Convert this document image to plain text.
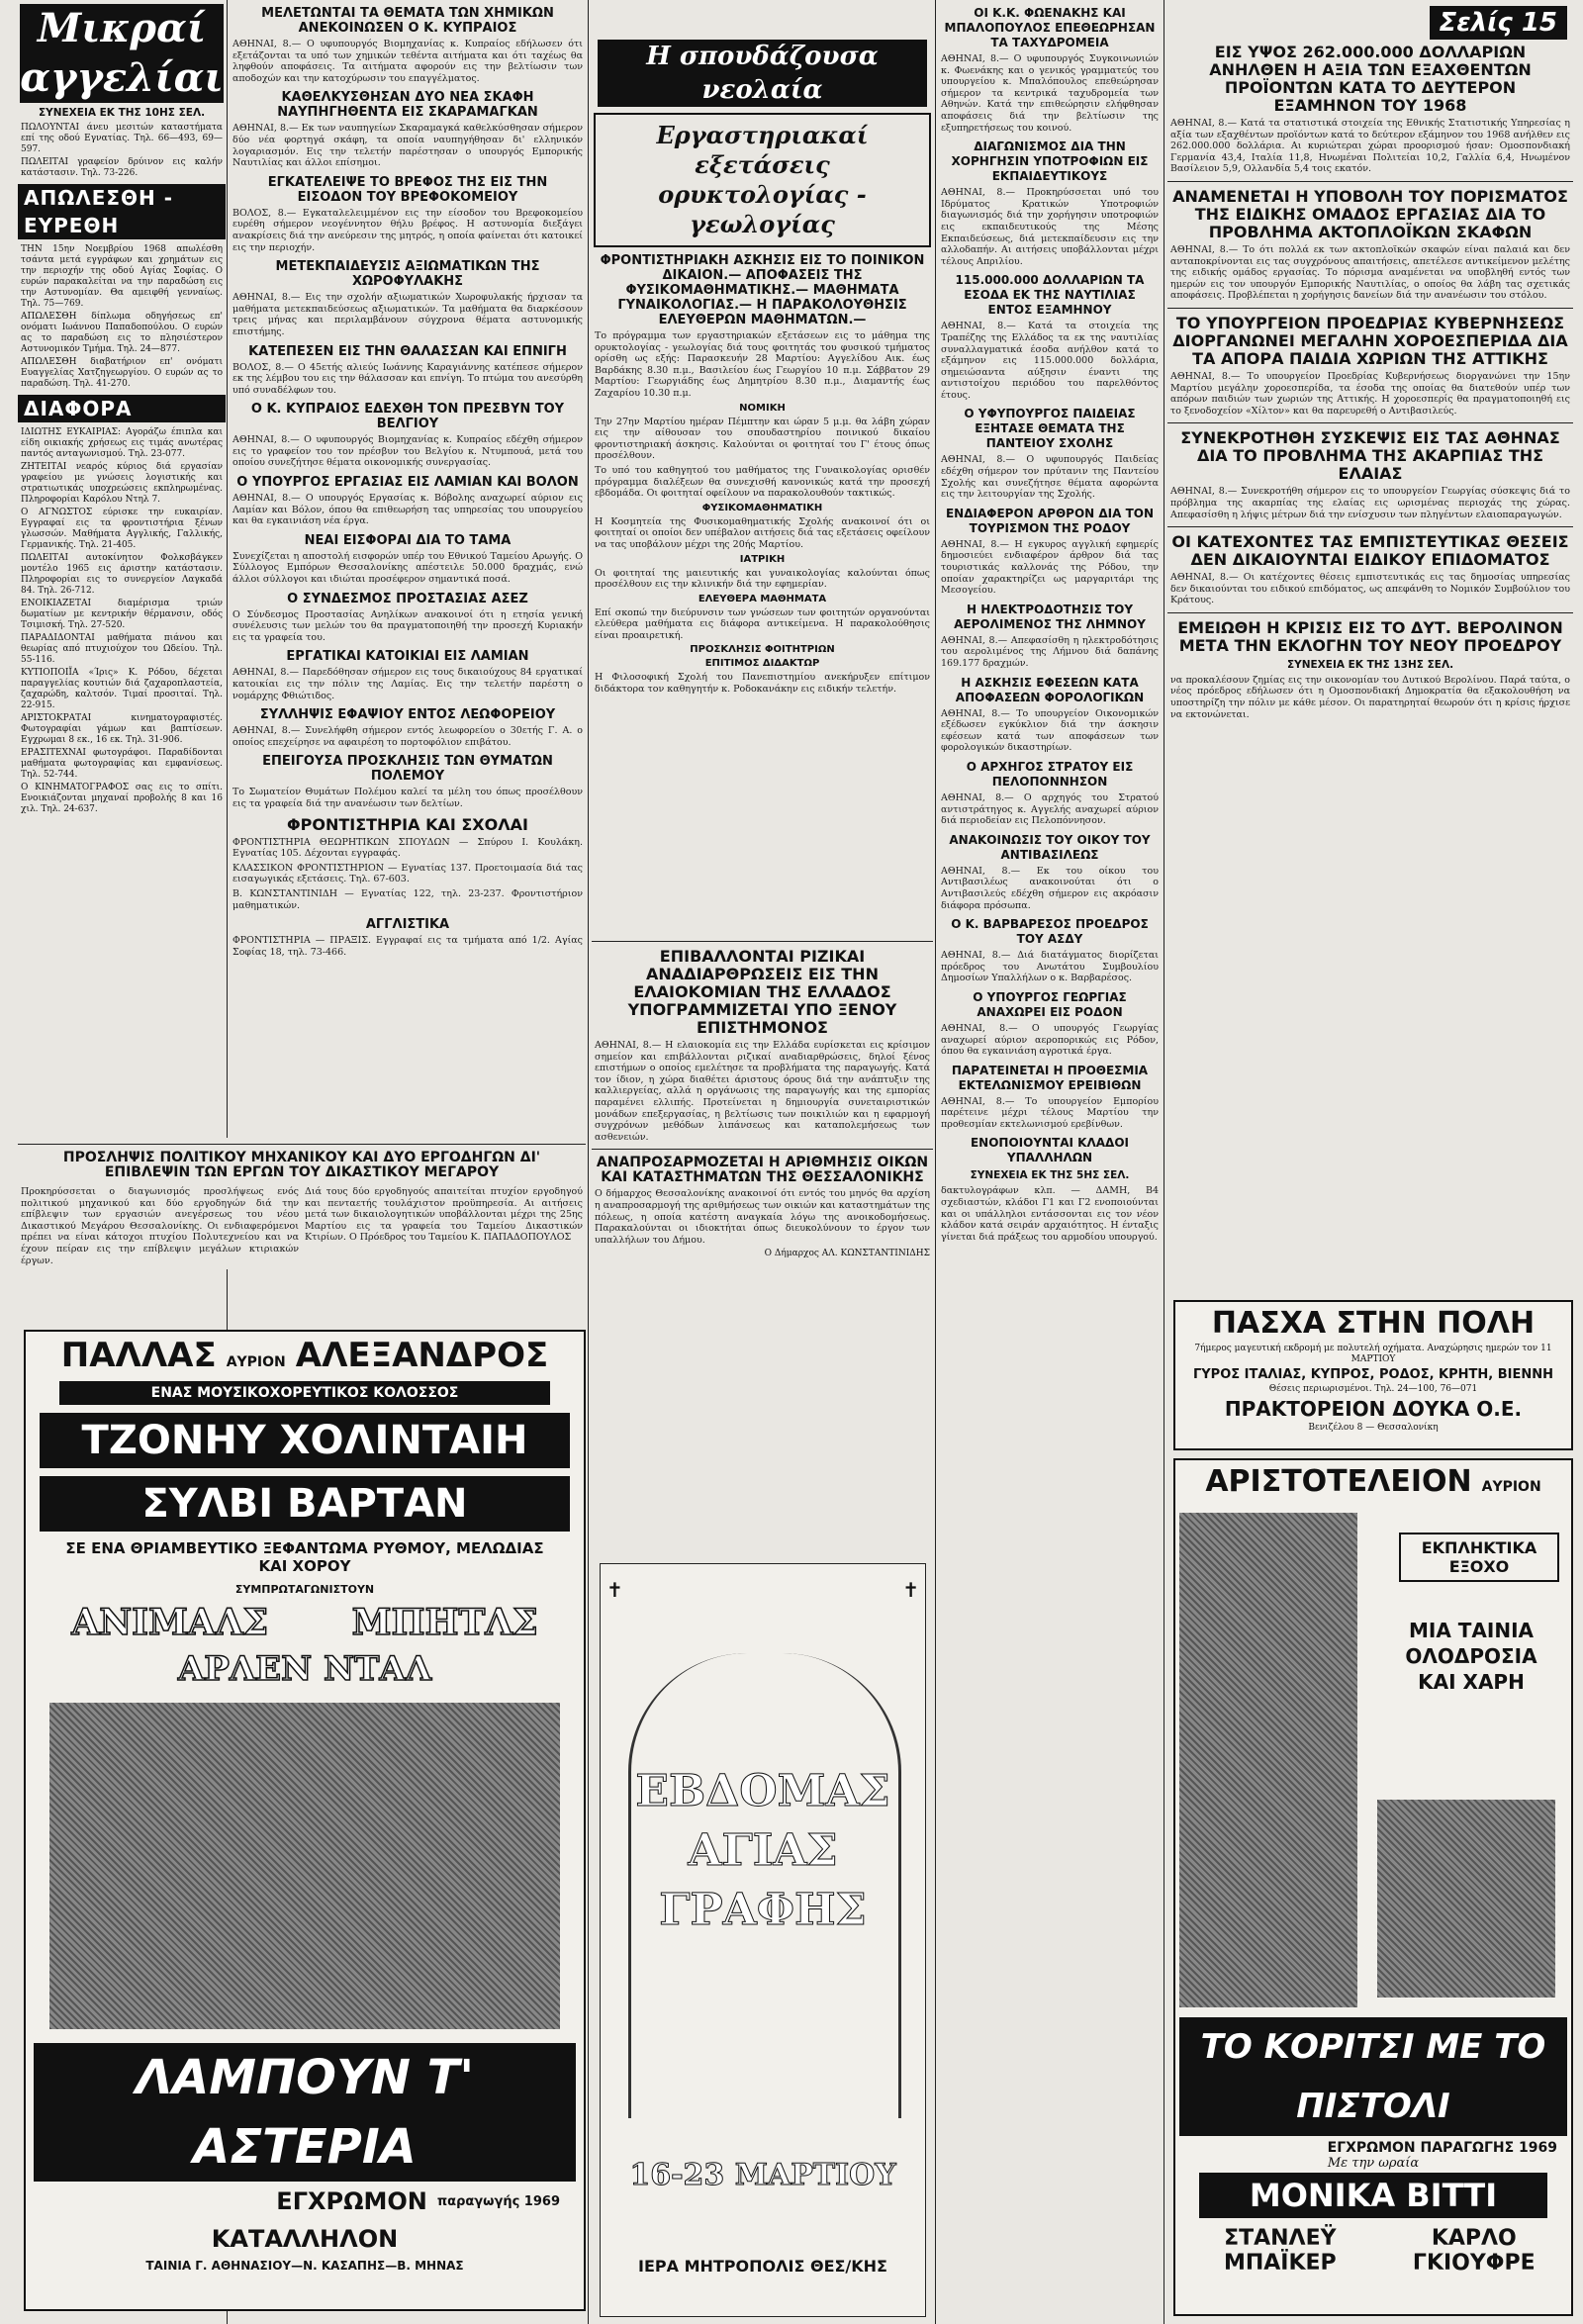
Μικραί αγγελίαι
ΣΥΝΕΧΕΙΑ ΕΚ ΤΗΣ 10ΗΣ ΣΕΛ.

ΠΩΛΟΥΝΤΑΙ άνευ μεσιτών καταστήματα επί της οδού Εγνατίας. Τηλ. 66—493, 69—597.

ΠΩΛΕΙΤΑΙ γραφείον δρύινον εις καλήν κατάστασιν. Τηλ. 73-226.

ΑΠΩΛΕΣΘΗ - ΕΥΡΕΘΗ

ΤΗΝ 15ην Νοεμβρίου 1968 απωλέσθη τσάντα μετά εγγράφων και χρημάτων εις την περιοχήν της οδού Αγίας Σοφίας. Ο ευρών παρακαλείται να την παραδώση εις την Αστυνομίαν. Θα αμειφθή γενναίως. Τηλ. 75—769.

ΑΠΩΛΕΣΘΗ δίπλωμα οδηγήσεως επ' ονόματι Ιωάννου Παπαδοπούλου. Ο ευρών ας το παραδώση εις το πλησιέστερον Αστυνομικόν Τμήμα. Τηλ. 24—877.

ΑΠΩΛΕΣΘΗ διαβατήριον επ' ονόματι Ευαγγελίας Χατζηγεωργίου. Ο ευρών ας το παραδώση. Τηλ. 41-270.

ΔΙΑΦΟΡΑ

ΙΔΙΩΤΗΣ ΕΥΚΑΙΡΙΑΣ: Αγοράζω έπιπλα και είδη οικιακής χρήσεως εις τιμάς ανωτέρας παντός ανταγωνισμού. Τηλ. 23-077.

ΖΗΤΕΙΤΑΙ νεαρός κύριος διά εργασίαν γραφείου με γνώσεις λογιστικής και στρατιωτικάς υποχρεώσεις εκπληρωμένας. Πληροφορίαι Καρόλου Ντηλ 7.

Ο ΑΓΝΩΣΤΟΣ εύρισκε την ευκαιρίαν. Εγγραφαί εις τα φροντιστήρια ξένων γλωσσών. Μαθήματα Αγγλικής, Γαλλικής, Γερμανικής. Τηλ. 21-405.

ΠΩΛΕΙΤΑΙ αυτοκίνητον Φολκσβάγκεν μοντέλο 1965 εις άριστην κατάστασιν. Πληροφορίαι εις το συνεργείον Λαγκαδά 84. Τηλ. 26-712.

ΕΝΟΙΚΙΑΖΕΤΑΙ διαμέρισμα τριών δωματίων με κεντρικήν θέρμανσιν, οδός Τσιμισκή. Τηλ. 27-520.

ΠΑΡΑΔΙΔΟΝΤΑΙ μαθήματα πιάνου και θεωρίας από πτυχιούχον του Ωδείου. Τηλ. 55-116.

ΚΥΤΙΟΠΟΙΪΑ «Ίρις» Κ. Ρόδου, δέχεται παραγγελίας κουτιών διά ζαχαροπλαστεία, ζαχαρώδη, καλτσόν. Τιμαί προσιταί. Τηλ. 22-915.

ΑΡΙΣΤΟΚΡΑΤΑΙ κινηματογραφιστές. Φωτογραφίαι γάμων και βαπτίσεων. Εγχρωμαι 8 εκ., 16 εκ. Τηλ. 31-906.

ΕΡΑΣΙΤΕΧΝΑΙ φωτογράφοι. Παραδίδονται μαθήματα φωτογραφίας και εμφανίσεως. Τηλ. 52-744.

Ο ΚΙΝΗΜΑΤΟΓΡΑΦΟΣ σας εις το σπίτι. Ενοικιάζονται μηχαναί προβολής 8 και 16 χιλ. Τηλ. 24-637.

ΜΕΛΕΤΩΝΤΑΙ ΤΑ ΘΕΜΑΤΑ ΤΩΝ ΧΗΜΙΚΩΝ ΑΝΕΚΟΙΝΩΣΕΝ Ο Κ. ΚΥΠΡΑΙΟΣ

ΑΘΗΝΑΙ, 8.— Ο υφυπουργός Βιομηχανίας κ. Κυπραίος εδήλωσεν ότι εξετάζονται τα υπό των χημικών τεθέντα αιτήματα και ότι ταχέως θα ληφθούν αποφάσεις. Τα αιτήματα αφορούν εις την βελτίωσιν των αποδοχών και την κατοχύρωσιν του επαγγέλματος.

ΚΑΘΕΛΚΥΣΘΗΣΑΝ ΔΥΟ ΝΕΑ ΣΚΑΦΗ ΝΑΥΠΗΓΗΘΕΝΤΑ ΕΙΣ ΣΚΑΡΑΜΑΓΚΑΝ

ΑΘΗΝΑΙ, 8.— Εκ των ναυπηγείων Σκαραμαγκά καθελκύσθησαν σήμερον δύο νέα φορτηγά σκάφη, τα οποία ναυπηγήθησαν δι' ελληνικόν λογαριασμόν. Εις την τελετήν παρέστησαν ο υπουργός Εμπορικής Ναυτιλίας και άλλοι επίσημοι.

ΕΓΚΑΤΕΛΕΙΨΕ ΤΟ ΒΡΕΦΟΣ ΤΗΣ ΕΙΣ ΤΗΝ ΕΙΣΟΔΟΝ ΤΟΥ ΒΡΕΦΟΚΟΜΕΙΟΥ

ΒΟΛΟΣ, 8.— Εγκαταλελειμμένον εις την είσοδον του Βρεφοκομείου ευρέθη σήμερον νεογέννητον θήλυ βρέφος. Η αστυνομία διεξάγει ανακρίσεις διά την ανεύρεσιν της μητρός, η οποία φαίνεται ότι κατοικεί εις την περιοχήν.

ΜΕΤΕΚΠΑΙΔΕΥΣΙΣ ΑΞΙΩΜΑΤΙΚΩΝ ΤΗΣ ΧΩΡΟΦΥΛΑΚΗΣ

ΑΘΗΝΑΙ, 8.— Εις την σχολήν αξιωματικών Χωροφυλακής ήρχισαν τα μαθήματα μετεκπαιδεύσεως αξιωματικών. Τα μαθήματα θα διαρκέσουν τρεις μήνας και περιλαμβάνουν σύγχρονα θέματα αστυνομικής επιστήμης.

ΚΑΤΕΠΕΣΕΝ ΕΙΣ ΤΗΝ ΘΑΛΑΣΣΑΝ ΚΑΙ ΕΠΝΙΓΗ

ΒΟΛΟΣ, 8.— Ο 45ετής αλιεύς Ιωάννης Καραγιάννης κατέπεσε σήμερον εκ της λέμβου του εις την θάλασσαν και επνίγη. Το πτώμα του ανεσύρθη υπό συναδέλφων του.

Ο Κ. ΚΥΠΡΑΙΟΣ ΕΔΕΧΘΗ ΤΟΝ ΠΡΕΣΒΥΝ ΤΟΥ ΒΕΛΓΙΟΥ

ΑΘΗΝΑΙ, 8.— Ο υφυπουργός Βιομηχανίας κ. Κυπραίος εδέχθη σήμερον εις το γραφείον του τον πρέσβυν του Βελγίου κ. Ντυμπουά, μετά του οποίου συνεζήτησε θέματα οικονομικής συνεργασίας.

Ο ΥΠΟΥΡΓΟΣ ΕΡΓΑΣΙΑΣ ΕΙΣ ΛΑΜΙΑΝ ΚΑΙ ΒΟΛΟΝ

ΑΘΗΝΑΙ, 8.— Ο υπουργός Εργασίας κ. Βόβολης αναχωρεί αύριον εις Λαμίαν και Βόλον, όπου θα επιθεωρήση τας υπηρεσίας του υπουργείου και θα εγκαινιάση νέα έργα.

ΝΕΑΙ ΕΙΣΦΟΡΑΙ ΔΙΑ ΤΟ ΤΑΜΑ

Συνεχίζεται η αποστολή εισφορών υπέρ του Εθνικού Ταμείου Αρωγής. Ο Σύλλογος Εμπόρων Θεσσαλονίκης απέστειλε 50.000 δραχμάς, ενώ άλλοι σύλλογοι και ιδιώται προσέφερον σημαντικά ποσά.

Ο ΣΥΝΔΕΣΜΟΣ ΠΡΟΣΤΑΣΙΑΣ ΑΣΕΖ

Ο Σύνδεσμος Προστασίας Ανηλίκων ανακοινοί ότι η ετησία γενική συνέλευσις των μελών του θα πραγματοποιηθή την προσεχή Κυριακήν εις τα γραφεία του.

ΕΡΓΑΤΙΚΑΙ ΚΑΤΟΙΚΙΑΙ ΕΙΣ ΛΑΜΙΑΝ

ΑΘΗΝΑΙ, 8.— Παρεδόθησαν σήμερον εις τους δικαιούχους 84 εργατικαί κατοικίαι εις την πόλιν της Λαμίας. Εις την τελετήν παρέστη ο νομάρχης Φθιώτιδος.

ΣΥΛΛΗΨΙΣ ΕΦΑΨΙΟΥ ΕΝΤΟΣ ΛΕΩΦΟΡΕΙΟΥ

ΑΘΗΝΑΙ, 8.— Συνελήφθη σήμερον εντός λεωφορείου ο 30ετής Γ. Α. ο οποίος επεχείρησε να αφαιρέση το πορτοφόλιον επιβάτου.

ΕΠΕΙΓΟΥΣΑ ΠΡΟΣΚΛΗΣΙΣ ΤΩΝ ΘΥΜΑΤΩΝ ΠΟΛΕΜΟΥ

Το Σωματείον Θυμάτων Πολέμου καλεί τα μέλη του όπως προσέλθουν εις τα γραφεία διά την ανανέωσιν των δελτίων.

ΦΡΟΝΤΙΣΤΗΡΙΑ ΚΑΙ ΣΧΟΛΑΙ

ΦΡΟΝΤΙΣΤΗΡΙΑ ΘΕΩΡΗΤΙΚΩΝ ΣΠΟΥΔΩΝ — Σπύρου Ι. Κουλάκη. Εγνατίας 105. Δέχονται εγγραφάς.

ΚΛΑΣΣΙΚΟΝ ΦΡΟΝΤΙΣΤΗΡΙΟΝ — Εγνατίας 137. Προετοιμασία διά τας εισαγωγικάς εξετάσεις. Τηλ. 67-603.

Β. ΚΩΝΣΤΑΝΤΙΝΙΔΗ — Εγνατίας 122, τηλ. 23-237. Φροντιστήριον μαθηματικών.

ΑΓΓΛΙΣΤΙΚΑ

ΦΡΟΝΤΙΣΤΗΡΙΑ — ΠΡΑΞΙΣ. Εγγραφαί εις τα τμήματα από 1/2. Αγίας Σοφίας 18, τηλ. 73-466.

ΠΡΟΣΛΗΨΙΣ ΠΟΛΙΤΙΚΟΥ ΜΗΧΑΝΙΚΟΥ ΚΑΙ ΔΥΟ ΕΡΓΟΔΗΓΩΝ ΔΙ' ΕΠΙΒΛΕΨΙΝ ΤΩΝ ΕΡΓΩΝ ΤΟΥ ΔΙΚΑΣΤΙΚΟΥ ΜΕΓΑΡΟΥ

Προκηρύσσεται ο διαγωνισμός προσλήψεως ενός πολιτικού μηχανικού και δύο εργοδηγών διά την επίβλεψιν των εργασιών ανεγέρσεως του νέου Δικαστικού Μεγάρου Θεσσαλονίκης. Οι ενδιαφερόμενοι πρέπει να είναι κάτοχοι πτυχίου Πολυτεχνείου και να έχουν πείραν εις την επίβλεψιν μεγάλων κτιριακών έργων.

Διά τους δύο εργοδηγούς απαιτείται πτυχίον εργοδηγού και πενταετής τουλάχιστον προϋπηρεσία. Αι αιτήσεις μετά των δικαιολογητικών υποβάλλονται μέχρι της 25ης Μαρτίου εις τα γραφεία του Ταμείου Δικαστικών Κτιρίων. Ο Πρόεδρος του Ταμείου Κ. ΠΑΠΑΔΟΠΟΥΛΟΣ

ΠΑΛΛΑΣ ΑΥΡΙΟΝ ΑΛΕΞΑΝΔΡΟΣ
ΕΝΑΣ ΜΟΥΣΙΚΟΧΟΡΕΥΤΙΚΟΣ ΚΟΛΟΣΣΟΣ
ΤΖΟΝΗΥ ΧΟΛΙΝΤΑΙΗ
ΣΥΛΒΙ ΒΑΡΤΑΝ
ΣΕ ΕΝΑ ΘΡΙΑΜΒΕΥΤΙΚΟ ΞΕΦΑΝΤΩΜΑ ΡΥΘΜΟΥ, ΜΕΛΩΔΙΑΣ ΚΑΙ ΧΟΡΟΥ
ΣΥΜΠΡΩΤΑΓΩΝΙΣΤΟΥΝ
ΑΝΙΜΑΛΣ ΜΠΗΤΛΣ
ΑΡΛΕΝ ΝΤΑΛ
ΛΑΜΠΟΥΝ Τ' ΑΣΤΕΡΙΑ
ΕΓΧΡΩΜΟΝ παραγωγής 1969
ΚΑΤΑΛΛΗΛΟΝ
ΤΑΙΝΙΑ Γ. ΑΘΗΝΑΣΙΟΥ—Ν. ΚΑΣΑΠΗΣ—Β. ΜΗΝΑΣ
Η σπουδάζουσα νεολαία
Εργαστηριακαί εξετάσεις ορυκτολογίας - γεωλογίας
ΦΡΟΝΤΙΣΤΗΡΙΑΚΗ ΑΣΚΗΣΙΣ ΕΙΣ ΤΟ ΠΟΙΝΙΚΟΝ ΔΙΚΑΙΟΝ.— ΑΠΟΦΑΣΕΙΣ ΤΗΣ ΦΥΣΙΚΟΜΑΘΗΜΑΤΙΚΗΣ.— ΜΑΘΗΜΑΤΑ ΓΥΝΑΙΚΟΛΟΓΙΑΣ.— Η ΠΑΡΑΚΟΛΟΥΘΗΣΙΣ ΕΛΕΥΘΕΡΩΝ ΜΑΘΗΜΑΤΩΝ.—

Το πρόγραμμα των εργαστηριακών εξετάσεων εις το μάθημα της ορυκτολογίας - γεωλογίας διά τους φοιτητάς του φυσικού τμήματος ορίσθη ως εξής: Παρασκευήν 28 Μαρτίου: Αγγελίδου Αικ. έως Βαρδάκης 8.30 π.μ., Βασιλείου έως Γεωργίου 10 π.μ. Σάββατον 29 Μαρτίου: Γεωργιάδης έως Δημητρίου 8.30 π.μ., Διαμαντής έως Ζαχαρίου 10.30 π.μ.

ΝΟΜΙΚΗ

Την 27ην Μαρτίου ημέραν Πέμπτην και ώραν 5 μ.μ. θα λάβη χώραν εις την αίθουσαν του σπουδαστηρίου ποινικού δικαίου φροντιστηριακή άσκησις. Καλούνται οι φοιτηταί του Γ' έτους όπως προσέλθουν.

Το υπό του καθηγητού του μαθήματος της Γυναικολογίας ορισθέν πρόγραμμα διαλέξεων θα συνεχισθή κανονικώς κατά την προσεχή εβδομάδα. Οι φοιτηταί οφείλουν να παρακολουθούν τακτικώς.

ΦΥΣΙΚΟΜΑΘΗΜΑΤΙΚΗ

Η Κοσμητεία της Φυσικομαθηματικής Σχολής ανακοινοί ότι οι φοιτηταί οι οποίοι δεν υπέβαλον αιτήσεις διά τας εξετάσεις οφείλουν να τας υποβάλουν μέχρι της 20ής Μαρτίου.

ΙΑΤΡΙΚΗ

Οι φοιτηταί της μαιευτικής και γυναικολογίας καλούνται όπως προσέλθουν εις την κλινικήν διά την εφημερίαν.

ΕΛΕΥΘΕΡΑ ΜΑΘΗΜΑΤΑ

Επί σκοπώ την διεύρυνσιν των γνώσεων των φοιτητών οργανούνται ελεύθερα μαθήματα εις διάφορα αντικείμενα. Η παρακολούθησις είναι προαιρετική.

ΠΡΟΣΚΛΗΣΙΣ ΦΟΙΤΗΤΡΙΩΝ
ΕΠΙΤΙΜΟΣ ΔΙΔΑΚΤΩΡ

Η Φιλοσοφική Σχολή του Πανεπιστημίου ανεκήρυξεν επίτιμον διδάκτορα τον καθηγητήν κ. Ροδοκανάκην εις ειδικήν τελετήν.

ΕΠΙΒΑΛΛΟΝΤΑΙ ΡΙΖΙΚΑΙ ΑΝΑΔΙΑΡΘΡΩΣΕΙΣ ΕΙΣ ΤΗΝ ΕΛΑΙΟΚΟΜΙΑΝ ΤΗΣ ΕΛΛΑΔΟΣ ΥΠΟΓΡΑΜΜΙΖΕΤΑΙ ΥΠΟ ΞΕΝΟΥ ΕΠΙΣΤΗΜΟΝΟΣ

ΑΘΗΝΑΙ, 8.— Η ελαιοκομία εις την Ελλάδα ευρίσκεται εις κρίσιμον σημείον και επιβάλλονται ριζικαί αναδιαρθρώσεις, δηλοί ξένος επιστήμων ο οποίος εμελέτησε τα προβλήματα της παραγωγής. Κατά τον ίδιον, η χώρα διαθέτει άριστους όρους διά την ανάπτυξιν της καλλιεργείας, αλλά η οργάνωσις της παραγωγής και της εμπορίας παραμένει ελλιπής. Προτείνεται η δημιουργία συνεταιριστικών μονάδων επεξεργασίας, η βελτίωσις των ποικιλιών και η εφαρμογή συγχρόνων μεθόδων λιπάνσεως και καταπολεμήσεως των ασθενειών.

ΑΝΑΠΡΟΣΑΡΜΟΖΕΤΑΙ Η ΑΡΙΘΜΗΣΙΣ ΟΙΚΩΝ ΚΑΙ ΚΑΤΑΣΤΗΜΑΤΩΝ ΤΗΣ ΘΕΣΣΑΛΟΝΙΚΗΣ

Ο δήμαρχος Θεσσαλονίκης ανακοινοί ότι εντός του μηνός θα αρχίση η αναπροσαρμογή της αριθμήσεως των οικιών και καταστημάτων της πόλεως, η οποία κατέστη αναγκαία λόγω της ανοικοδομήσεως. Παρακαλούνται οι ιδιοκτήται όπως διευκολύνουν το έργον των υπαλλήλων του Δήμου.

Ο Δήμαρχος ΑΛ. ΚΩΝΣΤΑΝΤΙΝΙΔΗΣ

✝	✝
ΕΒΔΟΜΑΣ
ΑΓΙΑΣ
ΓΡΑΦΗΣ
16-23 ΜΑΡΤΙΟΥ
ΙΕΡΑ ΜΗΤΡΟΠΟΛΙΣ ΘΕΣ/ΚΗΣ
ΟΙ Κ.Κ. ΦΩΕΝΑΚΗΣ ΚΑΙ ΜΠΑΛΟΠΟΥΛΟΣ ΕΠΕΘΕΩΡΗΣΑΝ ΤΑ ΤΑΧΥΔΡΟΜΕΙΑ

ΑΘΗΝΑΙ, 8.— Ο υφυπουργός Συγκοινωνιών κ. Φωενάκης και ο γενικός γραμματεύς του υπουργείου κ. Μπαλόπουλος επεθεώρησαν σήμερον τα κεντρικά ταχυδρομεία των Αθηνών. Κατά την επιθεώρησιν ελήφθησαν αποφάσεις διά την βελτίωσιν της εξυπηρετήσεως του κοινού.

ΔΙΑΓΩΝΙΣΜΟΣ ΔΙΑ ΤΗΝ ΧΟΡΗΓΗΣΙΝ ΥΠΟΤΡΟΦΙΩΝ ΕΙΣ ΕΚΠΑΙΔΕΥΤΙΚΟΥΣ

ΑΘΗΝΑΙ, 8.— Προκηρύσσεται υπό του Ιδρύματος Κρατικών Υποτροφιών διαγωνισμός διά την χορήγησιν υποτροφιών εις εκπαιδευτικούς της Μέσης Εκπαιδεύσεως, διά μετεκπαίδευσιν εις την αλλοδαπήν. Αι αιτήσεις υποβάλλονται μέχρι τέλους Απριλίου.

115.000.000 ΔΟΛΛΑΡΙΩΝ ΤΑ ΕΣΟΔΑ ΕΚ ΤΗΣ ΝΑΥΤΙΛΙΑΣ ΕΝΤΟΣ ΕΞΑΜΗΝΟΥ

ΑΘΗΝΑΙ, 8.— Κατά τα στοιχεία της Τραπέζης της Ελλάδος τα εκ της ναυτιλίας συναλλαγματικά έσοδα ανήλθον κατά το εξάμηνον εις 115.000.000 δολλάρια, σημειώσαντα αύξησιν έναντι της αντιστοίχου περιόδου του παρελθόντος έτους.

Ο ΥΦΥΠΟΥΡΓΟΣ ΠΑΙΔΕΙΑΣ ΕΞΗΤΑΣΕ ΘΕΜΑΤΑ ΤΗΣ ΠΑΝΤΕΙΟΥ ΣΧΟΛΗΣ

ΑΘΗΝΑΙ, 8.— Ο υφυπουργός Παιδείας εδέχθη σήμερον τον πρύτανιν της Παντείου Σχολής και συνεζήτησε θέματα αφορώντα εις την λειτουργίαν της Σχολής.

ΕΝΔΙΑΦΕΡΟΝ ΑΡΘΡΟΝ ΔΙΑ ΤΟΝ ΤΟΥΡΙΣΜΟΝ ΤΗΣ ΡΟΔΟΥ

ΑΘΗΝΑΙ, 8.— Η εγκυρος αγγλική εφημερίς δημοσιεύει ενδιαφέρον άρθρον διά τας τουριστικάς καλλονάς της Ρόδου, την οποίαν χαρακτηρίζει ως μαργαριτάρι της Μεσογείου.

Η ΗΛΕΚΤΡΟΔΟΤΗΣΙΣ ΤΟΥ ΑΕΡΟΛΙΜΕΝΟΣ ΤΗΣ ΛΗΜΝΟΥ

ΑΘΗΝΑΙ, 8.— Απεφασίσθη η ηλεκτροδότησις του αερολιμένος της Λήμνου διά δαπάνης 169.177 δραχμών.

Η ΑΣΚΗΣΙΣ ΕΦΕΣΕΩΝ ΚΑΤΑ ΑΠΟΦΑΣΕΩΝ ΦΟΡΟΛΟΓΙΚΩΝ

ΑΘΗΝΑΙ, 8.— Το υπουργείον Οικονομικών εξέδωσεν εγκύκλιον διά την άσκησιν εφέσεων κατά των αποφάσεων των φορολογικών δικαστηρίων.

Ο ΑΡΧΗΓΟΣ ΣΤΡΑΤΟΥ ΕΙΣ ΠΕΛΟΠΟΝΝΗΣΟΝ

ΑΘΗΝΑΙ, 8.— Ο αρχηγός του Στρατού αντιστράτηγος κ. Αγγελής αναχωρεί αύριον διά περιοδείαν εις Πελοπόννησον.

ΑΝΑΚΟΙΝΩΣΙΣ ΤΟΥ ΟΙΚΟΥ ΤΟΥ ΑΝΤΙΒΑΣΙΛΕΩΣ

ΑΘΗΝΑΙ, 8.— Εκ του οίκου του Αντιβασιλέως ανακοινούται ότι ο Αντιβασιλεύς εδέχθη σήμερον εις ακρόασιν διάφορα πρόσωπα.

Ο Κ. ΒΑΡΒΑΡΕΣΟΣ ΠΡΟΕΔΡΟΣ ΤΟΥ ΑΣΔΥ

ΑΘΗΝΑΙ, 8.— Διά διατάγματος διορίζεται πρόεδρος του Ανωτάτου Συμβουλίου Δημοσίων Υπαλλήλων ο κ. Βαρβαρέσος.

Ο ΥΠΟΥΡΓΟΣ ΓΕΩΡΓΙΑΣ ΑΝΑΧΩΡΕΙ ΕΙΣ ΡΟΔΟΝ

ΑΘΗΝΑΙ, 8.— Ο υπουργός Γεωργίας αναχωρεί αύριον αεροπορικώς εις Ρόδον, όπου θα εγκαινιάση αγροτικά έργα.

ΠΑΡΑΤΕΙΝΕΤΑΙ Η ΠΡΟΘΕΣΜΙΑ ΕΚΤΕΛΩΝΙΣΜΟΥ ΕΡΕΙΒΙΘΩΝ

ΑΘΗΝΑΙ, 8.— Το υπουργείον Εμπορίου παρέτεινε μέχρι τέλους Μαρτίου την προθεσμίαν εκτελωνισμού ερεβίνθων.

ΕΝΟΠΟΙΟΥΝΤΑΙ ΚΛΑΔΟΙ ΥΠΑΛΛΗΛΩΝ
ΣΥΝΕΧΕΙΑ ΕΚ ΤΗΣ 5ΗΣ ΣΕΛ.

δακτυλογράφων κλπ. — ΔΑΜΗ, Β4 σχεδιαστών, κλάδοι Γ1 και Γ2 ενοποιούνται και οι υπάλληλοι εντάσσονται εις τον νέον κλάδον κατά σειράν αρχαιότητος. Η ένταξις γίνεται διά πράξεως του αρμοδίου υπουργού.

Σελίς 15
ΕΙΣ ΥΨΟΣ 262.000.000 ΔΟΛΛΑΡΙΩΝ ΑΝΗΛΘΕΝ Η ΑΞΙΑ ΤΩΝ ΕΞΑΧΘΕΝΤΩΝ ΠΡΟΪΟΝΤΩΝ ΚΑΤΑ ΤΟ ΔΕΥΤΕΡΟΝ ΕΞΑΜΗΝΟΝ ΤΟΥ 1968

ΑΘΗΝΑΙ, 8.— Κατά τα στατιστικά στοιχεία της Εθνικής Στατιστικής Υπηρεσίας η αξία των εξαχθέντων προϊόντων κατά το δεύτερον εξάμηνον του 1968 ανήλθεν εις 262.000.000 δολλάρια. Αι κυριώτεραι χώραι προορισμού ήσαν: Ομοσπονδιακή Γερμανία 43,4, Ιταλία 11,8, Ηνωμέναι Πολιτείαι 10,2, Γαλλία 6,4, Ηνωμένον Βασίλειον 5,9, Ολλανδία 5,4 τοις εκατόν.

ΑΝΑΜΕΝΕΤΑΙ Η ΥΠΟΒΟΛΗ ΤΟΥ ΠΟΡΙΣΜΑΤΟΣ ΤΗΣ ΕΙΔΙΚΗΣ ΟΜΑΔΟΣ ΕΡΓΑΣΙΑΣ ΔΙΑ ΤΟ ΠΡΟΒΛΗΜΑ ΑΚΤΟΠΛΟΪΚΩΝ ΣΚΑΦΩΝ

ΑΘΗΝΑΙ, 8.— Το ότι πολλά εκ των ακτοπλοϊκών σκαφών είναι παλαιά και δεν ανταποκρίνονται εις τας συγχρόνους απαιτήσεις, απετέλεσε αντικείμενον μελέτης της ειδικής ομάδος εργασίας. Το πόρισμα αναμένεται να υποβληθή εντός των ημερών εις τον υπουργόν Εμπορικής Ναυτιλίας, ο οποίος θα λάβη τας σχετικάς αποφάσεις. Προβλέπεται η χορήγησις δανείων διά την ανανέωσιν του στόλου.

ΤΟ ΥΠΟΥΡΓΕΙΟΝ ΠΡΟΕΔΡΙΑΣ ΚΥΒΕΡΝΗΣΕΩΣ ΔΙΟΡΓΑΝΩΝΕΙ ΜΕΓΑΛΗΝ ΧΟΡΟΕΣΠΕΡΙΔΑ ΔΙΑ ΤΑ ΑΠΟΡΑ ΠΑΙΔΙΑ ΧΩΡΙΩΝ ΤΗΣ ΑΤΤΙΚΗΣ

ΑΘΗΝΑΙ, 8.— Το υπουργείον Προεδρίας Κυβερνήσεως διοργανώνει την 15ην Μαρτίου μεγάλην χοροεσπερίδα, τα έσοδα της οποίας θα διατεθούν υπέρ των απόρων παιδιών των χωριών της Αττικής. Η χοροεσπερίς θα πραγματοποιηθή εις το ξενοδοχείον «Χίλτον» και θα παρευρεθή ο Αντιβασιλεύς.

ΣΥΝΕΚΡΟΤΗΘΗ ΣΥΣΚΕΨΙΣ ΕΙΣ ΤΑΣ ΑΘΗΝΑΣ ΔΙΑ ΤΟ ΠΡΟΒΛΗΜΑ ΤΗΣ ΑΚΑΡΠΙΑΣ ΤΗΣ ΕΛΑΙΑΣ

ΑΘΗΝΑΙ, 8.— Συνεκροτήθη σήμερον εις το υπουργείον Γεωργίας σύσκεψις διά το πρόβλημα της ακαρπίας της ελαίας εις ωρισμένας περιοχάς της χώρας. Απεφασίσθη η λήψις μέτρων διά την ενίσχυσιν των πληγέντων ελαιοπαραγωγών.

ΟΙ ΚΑΤΕΧΟΝΤΕΣ ΤΑΣ ΕΜΠΙΣΤΕΥΤΙΚΑΣ ΘΕΣΕΙΣ ΔΕΝ ΔΙΚΑΙΟΥΝΤΑΙ ΕΙΔΙΚΟΥ ΕΠΙΔΟΜΑΤΟΣ

ΑΘΗΝΑΙ, 8.— Οι κατέχοντες θέσεις εμπιστευτικάς εις τας δημοσίας υπηρεσίας δεν δικαιούνται του ειδικού επιδόματος, ως απεφάνθη το Νομικόν Συμβούλιον του Κράτους.

ΕΜΕΙΩΘΗ Η ΚΡΙΣΙΣ ΕΙΣ ΤΟ ΔΥΤ. ΒΕΡΟΛΙΝΟΝ ΜΕΤΑ ΤΗΝ ΕΚΛΟΓΗΝ ΤΟΥ ΝΕΟΥ ΠΡΟΕΔΡΟΥ
ΣΥΝΕΧΕΙΑ ΕΚ ΤΗΣ 13ΗΣ ΣΕΛ.

να προκαλέσουν ζημίας εις την οικονομίαν του Δυτικού Βερολίνου. Παρά ταύτα, ο νέος πρόεδρος εδήλωσεν ότι η Ομοσπονδιακή Δημοκρατία θα εξακολουθήση να υποστηρίζη την πόλιν με κάθε μέσον. Οι παρατηρηταί θεωρούν ότι η κρίσις ήρχισε να εκτονώνεται.

ΠΑΣΧΑ ΣΤΗΝ ΠΟΛΗ
7ήμερος μαγευτική εκδρομή με πολυτελή οχήματα. Αναχώρησις ημερών τον 11 ΜΑΡΤΙΟΥ
ΓΥΡΟΣ ΙΤΑΛΙΑΣ, ΚΥΠΡΟΣ, ΡΟΔΟΣ, ΚΡΗΤΗ, ΒΙΕΝΝΗ
Θέσεις περιωρισμένοι. Τηλ. 24—100, 76—071
ΠΡΑΚΤΟΡΕΙΟΝ ΔΟΥΚΑ Ο.Ε.
Βενιζέλου 8 — Θεσσαλονίκη
ΑΡΙΣΤΟΤΕΛΕΙΟΝ ΑΥΡΙΟΝ
ΕΚΠΛΗΚΤΙΚΑ ΕΞΟΧΟ
ΜΙΑ ΤΑΙΝΙΑ ΟΛΟΔΡΟΣΙΑ ΚΑΙ ΧΑΡΗ
ΤΟ ΚΟΡΙΤΣΙ ΜΕ ΤΟ ΠΙΣΤΟΛΙ
ΕΓΧΡΩΜΟΝ ΠΑΡΑΓΩΓΗΣ 1969
Με την ωραία
ΜΟΝΙΚΑ ΒΙΤΤΙ
ΣΤΑΝΛΕΫ ΜΠΑΪΚΕΡ
ΚΑΡΛΟ ΓΚΙΟΥΦΡΕ
